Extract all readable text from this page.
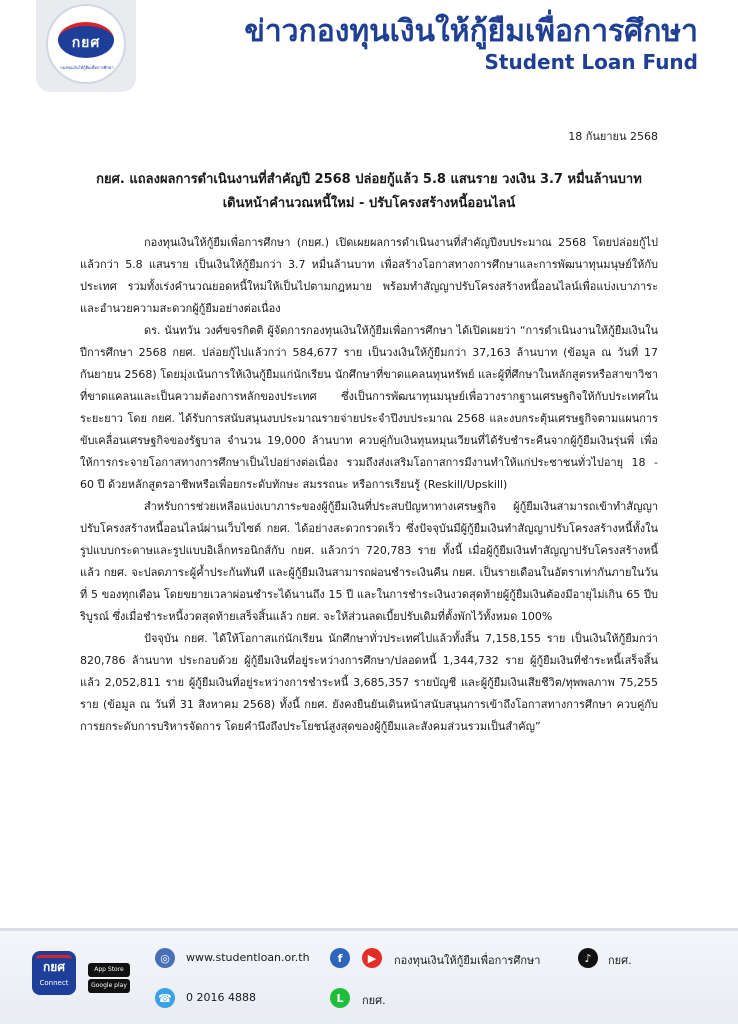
กยศ
กองทุนเงินให้กู้ยืมเพื่อการศึกษา
ข่าวกองทุนเงินให้กู้ยืมเพื่อการศึกษา
Student Loan Fund
18 กันยายน 2568
กยศ. แถลงผลการดำเนินงานที่สำคัญปี 2568 ปล่อยกู้แล้ว 5.8 แสนราย วงเงิน 3.7 หมื่นล้านบาท
เดินหน้าคำนวณหนี้ใหม่ - ปรับโครงสร้างหนี้ออนไลน์

กองทุนเงินให้กู้ยืมเพื่อการศึกษา (กยศ.) เปิดเผยผลการดำเนินงานที่สำคัญปีงบประมาณ 2568 โดยปล่อยกู้ไปแล้วกว่า 5.8 แสนราย เป็นเงินให้กู้ยืมกว่า 3.7 หมื่นล้านบาท เพื่อสร้างโอกาสทางการศึกษาและการพัฒนาทุนมนุษย์ให้กับประเทศ รวมทั้งเร่งคำนวณยอดหนี้ใหม่ให้เป็นไปตามกฎหมาย พร้อมทำสัญญาปรับโครงสร้างหนี้ออนไลน์เพื่อแบ่งเบาภาระและอำนวยความสะดวกผู้กู้ยืมอย่างต่อเนื่อง

ดร. นันทวัน วงศ์ขจรกิตติ ผู้จัดการกองทุนเงินให้กู้ยืมเพื่อการศึกษา ได้เปิดเผยว่า “การดำเนินงานให้กู้ยืมเงินในปีการศึกษา 2568 กยศ. ปล่อยกู้ไปแล้วกว่า 584,677 ราย เป็นวงเงินให้กู้ยืมกว่า 37,163 ล้านบาท (ข้อมูล ณ วันที่ 17 กันยายน 2568) โดยมุ่งเน้นการให้เงินกู้ยืมแก่นักเรียน นักศึกษาที่ขาดแคลนทุนทรัพย์ และผู้ที่ศึกษาในหลักสูตรหรือสาขาวิชาที่ขาดแคลนและเป็นความต้องการหลักของประเทศ ซึ่งเป็นการพัฒนาทุนมนุษย์เพื่อวางรากฐานเศรษฐกิจให้กับประเทศในระยะยาว โดย กยศ. ได้รับการสนับสนุนงบประมาณรายจ่ายประจำปีงบประมาณ 2568 และงบกระตุ้นเศรษฐกิจตามแผนการขับเคลื่อนเศรษฐกิจของรัฐบาล จำนวน 19,000 ล้านบาท ควบคู่กับเงินทุนหมุนเวียนที่ได้รับชำระคืนจากผู้กู้ยืมเงินรุ่นพี่ เพื่อให้การกระจายโอกาสทางการศึกษาเป็นไปอย่างต่อเนื่อง รวมถึงส่งเสริมโอกาสการมีงานทำให้แก่ประชาชนทั่วไปอายุ 18 - 60 ปี ด้วยหลักสูตรอาชีพหรือเพื่อยกระดับทักษะ สมรรถนะ หรือการเรียนรู้ (Reskill/Upskill)

สำหรับการช่วยเหลือแบ่งเบาภาระของผู้กู้ยืมเงินที่ประสบปัญหาทางเศรษฐกิจ ผู้กู้ยืมเงินสามารถเข้าทำสัญญาปรับโครงสร้างหนี้ออนไลน์ผ่านเว็บไซต์ กยศ. ได้อย่างสะดวกรวดเร็ว ซึ่งปัจจุบันมีผู้กู้ยืมเงินทำสัญญาปรับโครงสร้างหนี้ทั้งในรูปแบบกระดาษและรูปแบบอิเล็กทรอนิกส์กับ กยศ. แล้วกว่า 720,783 ราย ทั้งนี้ เมื่อผู้กู้ยืมเงินทำสัญญาปรับโครงสร้างหนี้แล้ว กยศ. จะปลดภาระผู้ค้ำประกันทันที และผู้กู้ยืมเงินสามารถผ่อนชำระเงินคืน กยศ. เป็นรายเดือนในอัตราเท่ากันภายในวันที่ 5 ของทุกเดือน โดยขยายเวลาผ่อนชำระได้นานถึง 15 ปี และในการชำระเงินงวดสุดท้ายผู้กู้ยืมเงินต้องมีอายุไม่เกิน 65 ปีบริบูรณ์ ซึ่งเมื่อชำระหนี้งวดสุดท้ายเสร็จสิ้นแล้ว กยศ. จะให้ส่วนลดเบี้ยปรับเดิมที่ตั้งพักไว้ทั้งหมด 100%

ปัจจุบัน กยศ. ได้ให้โอกาสแก่นักเรียน นักศึกษาทั่วประเทศไปแล้วทั้งสิ้น 7,158,155 ราย เป็นเงินให้กู้ยืมกว่า 820,786 ล้านบาท ประกอบด้วย ผู้กู้ยืมเงินที่อยู่ระหว่างการศึกษา/ปลอดหนี้ 1,344,732 ราย ผู้กู้ยืมเงินที่ชำระหนี้เสร็จสิ้นแล้ว 2,052,811 ราย ผู้กู้ยืมเงินที่อยู่ระหว่างการชำระหนี้ 3,685,357 รายบัญชี และผู้กู้ยืมเงินเสียชีวิต/ทุพพลภาพ 75,255 ราย (ข้อมูล ณ วันที่ 31 สิงหาคม 2568) ทั้งนี้ กยศ. ยังคงยืนยันเดินหน้าสนับสนุนการเข้าถึงโอกาสทางการศึกษา ควบคู่กับการยกระดับการบริหารจัดการ โดยคำนึงถึงประโยชน์สูงสุดของผู้กู้ยืมและสังคมส่วนรวมเป็นสำคัญ”

กยศ
Connect
App Store
Google play
◎	www.studentloan.or.th	f	▶	กองทุนเงินให้กู้ยืมเพื่อการศึกษา	♪	กยศ.
☎ 0 2016 4888	L	กยศ.
